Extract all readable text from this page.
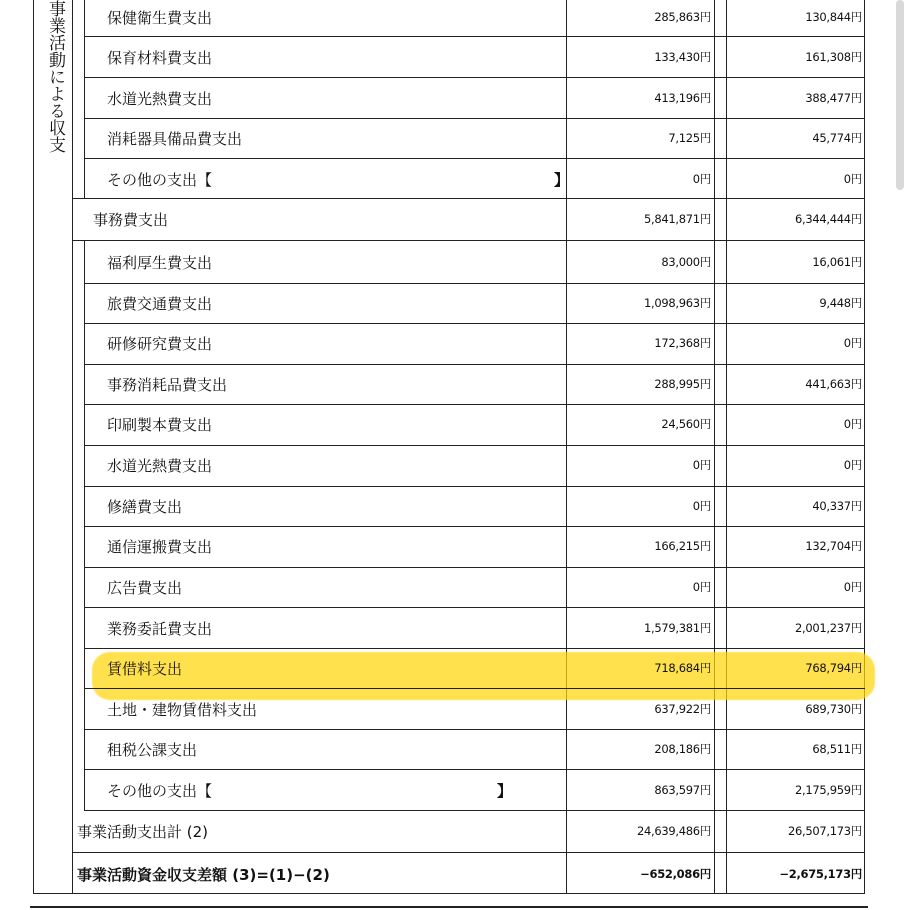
事業活動による収支	保健衛生費支出	285,863円	130,844円
保育材料費支出	133,430円	161,308円
水道光熱費支出	413,196円	388,477円
消耗器具備品費支出	7,125円	45,774円
その他の支出【	】	0円	0円
事務費支出	5,841,871円	6,344,444円
福利厚生費支出	83,000円	16,061円
旅費交通費支出	1,098,963円	9,448円
研修研究費支出	172,368円	0円
事務消耗品費支出	288,995円	441,663円
印刷製本費支出	24,560円	0円
水道光熱費支出	0円	0円
修繕費支出	0円	40,337円
通信運搬費支出	166,215円	132,704円
広告費支出	0円	0円
業務委託費支出	1,579,381円	2,001,237円
賃借料支出	718,684円	768,794円
土地・建物賃借料支出	637,922円	689,730円
租税公課支出	208,186円	68,511円
その他の支出【	】	863,597円	2,175,959円
事業活動支出計 (2)	24,639,486円	26,507,173円
事業活動資金収支差額 (3)=(1)−(2)	−652,086円	−2,675,173円
